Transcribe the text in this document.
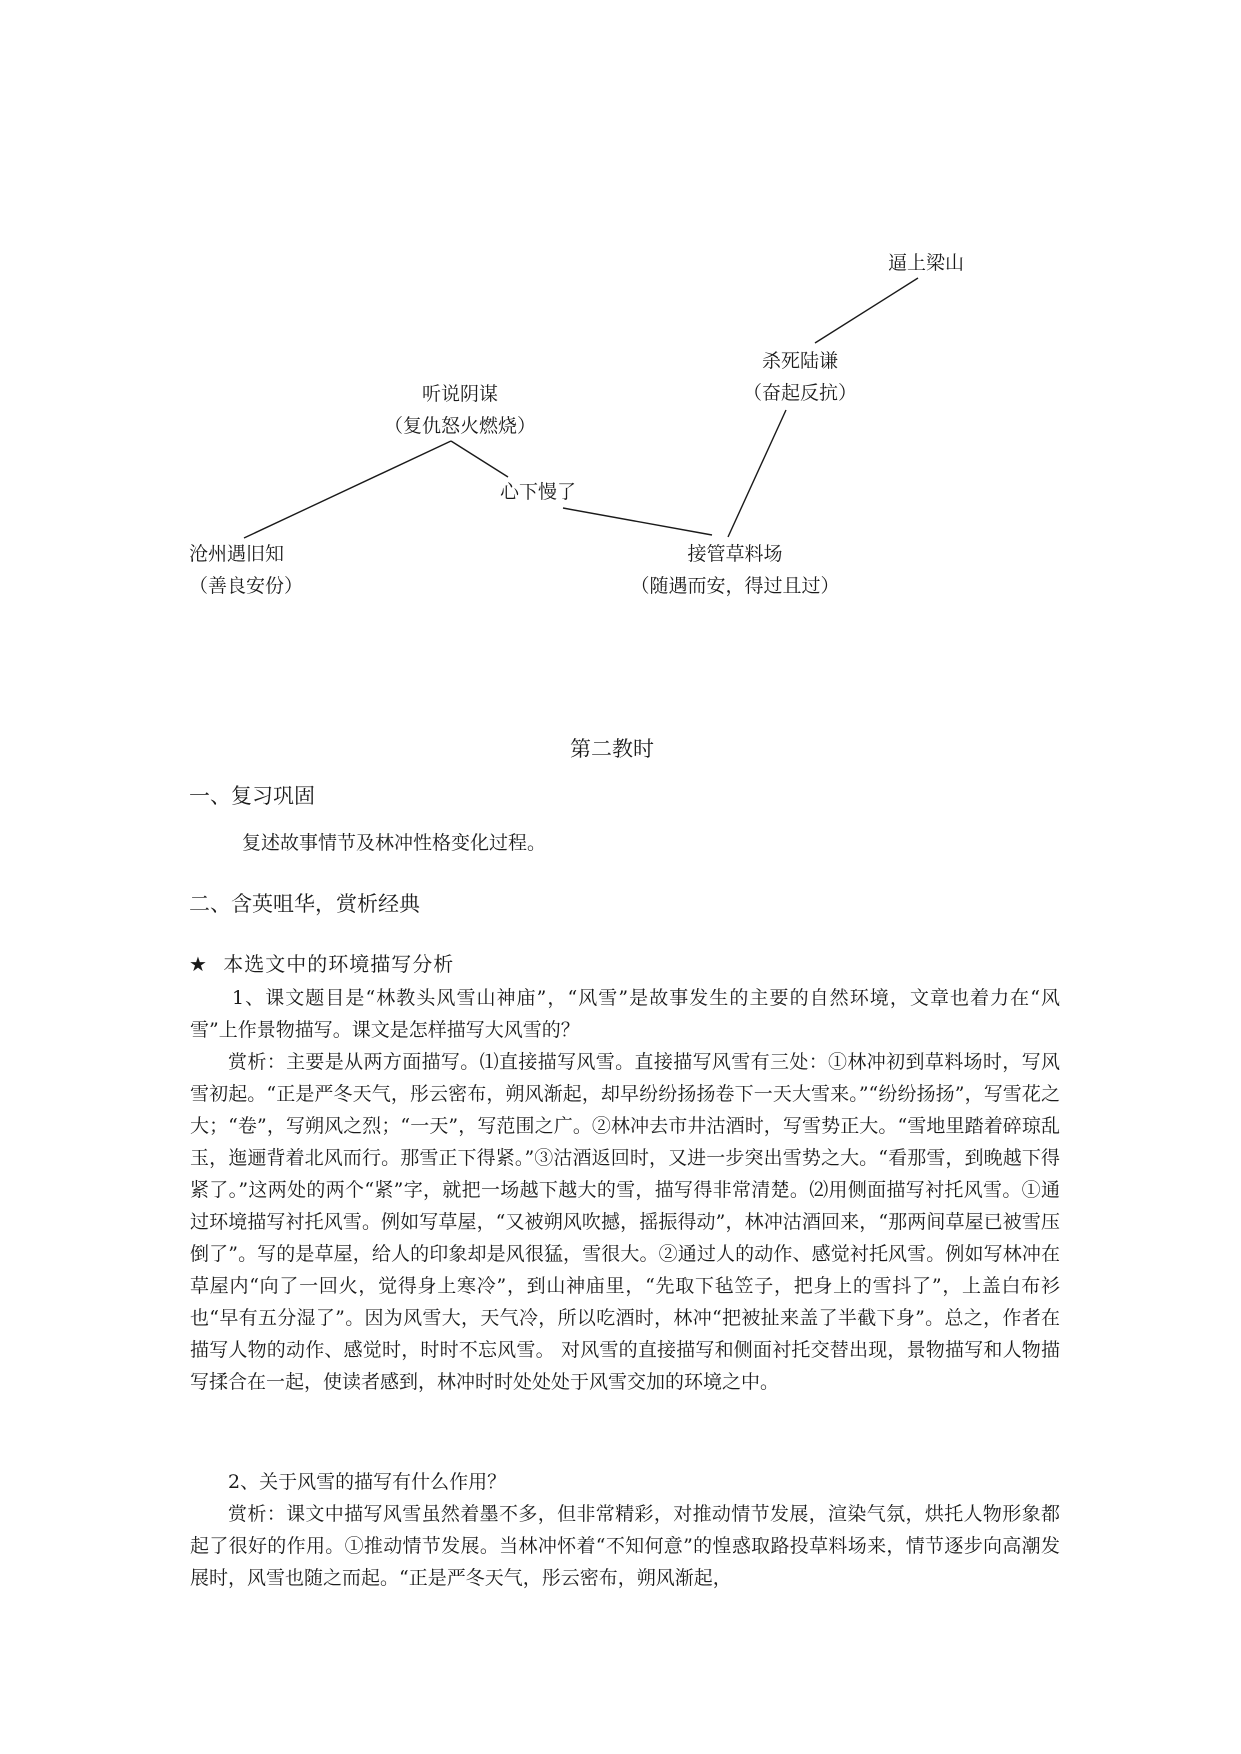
逼上梁山
杀死陆谦
（奋起反抗）
听说阴谋
（复仇怒火燃烧）
心下慢了
沧州遇旧知
（善良安份）
接管草料场
（随遇而安，得过且过）
第二教时
一、复习巩固
复述故事情节及林冲性格变化过程。
二、含英咀华，赏析经典
★ 本选文中的环境描写分析

1、课文题目是“林教头风雪山神庙”，“风雪”是故事发生的主要的自然环境，文章也着力在“风雪”上作景物描写。课文是怎样描写大风雪的？

赏析：主要是从两方面描写。⑴直接描写风雪。直接描写风雪有三处：①林冲初到草料场时，写风雪初起。“正是严冬天气，彤云密布，朔风渐起，却早纷纷扬扬卷下一天大雪来。”“纷纷扬扬”，写雪花之大；“卷”，写朔风之烈；“一天”，写范围之广。②林冲去市井沽酒时，写雪势正大。“雪地里踏着碎琼乱玉，迤逦背着北风而行。那雪正下得紧。”③沽酒返回时，又进一步突出雪势之大。“看那雪，到晚越下得紧了。”这两处的两个“紧”字，就把一场越下越大的雪，描写得非常清楚。⑵用侧面描写衬托风雪。①通过环境描写衬托风雪。例如写草屋，“又被朔风吹撼，摇振得动”，林冲沽酒回来，“那两间草屋已被雪压倒了”。写的是草屋，给人的印象却是风很猛，雪很大。②通过人的动作、感觉衬托风雪。例如写林冲在草屋内“向了一回火，觉得身上寒冷”，到山神庙里，“先取下毡笠子，把身上的雪抖了”，上盖白布衫也“早有五分湿了”。因为风雪大，天气冷，所以吃酒时，林冲“把被扯来盖了半截下身”。总之，作者在描写人物的动作、感觉时，时时不忘风雪。 对风雪的直接描写和侧面衬托交替出现，景物描写和人物描写揉合在一起，使读者感到，林冲时时处处处于风雪交加的环境之中。

2、关于风雪的描写有什么作用？

赏析：课文中描写风雪虽然着墨不多，但非常精彩，对推动情节发展，渲染气氛，烘托人物形象都起了很好的作用。①推动情节发展。当林冲怀着“不知何意”的惶惑取路投草料场来，情节逐步向高潮发展时，风雪也随之而起。“正是严冬天气，彤云密布，朔风渐起，
